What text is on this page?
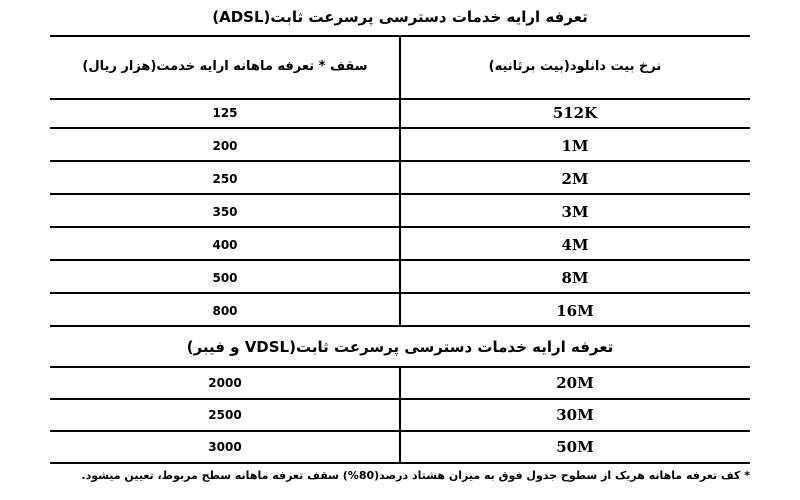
تعرفه ارایه خدمات دسترسی پرسرعت ثابت(ADSL)
نرخ بیت دانلود(بیت برثانیه)
سقف * تعرفه ماهانه ارایه خدمت(هزار ریال)
512K
125
1M
200
2M
250
3M
350
4M
400
8M
500
16M
800
تعرفه ارایه خدمات دسترسی پرسرعت ثابت(VDSL و فیبر)
20M
2000
30M
2500
50M
3000
* کف تعرفه ماهانه هریک از سطوح جدول فوق به میزان هشتاد درصد(80%) سقف تعرفه ماهانه سطح مربوط، تعیین میشود.
